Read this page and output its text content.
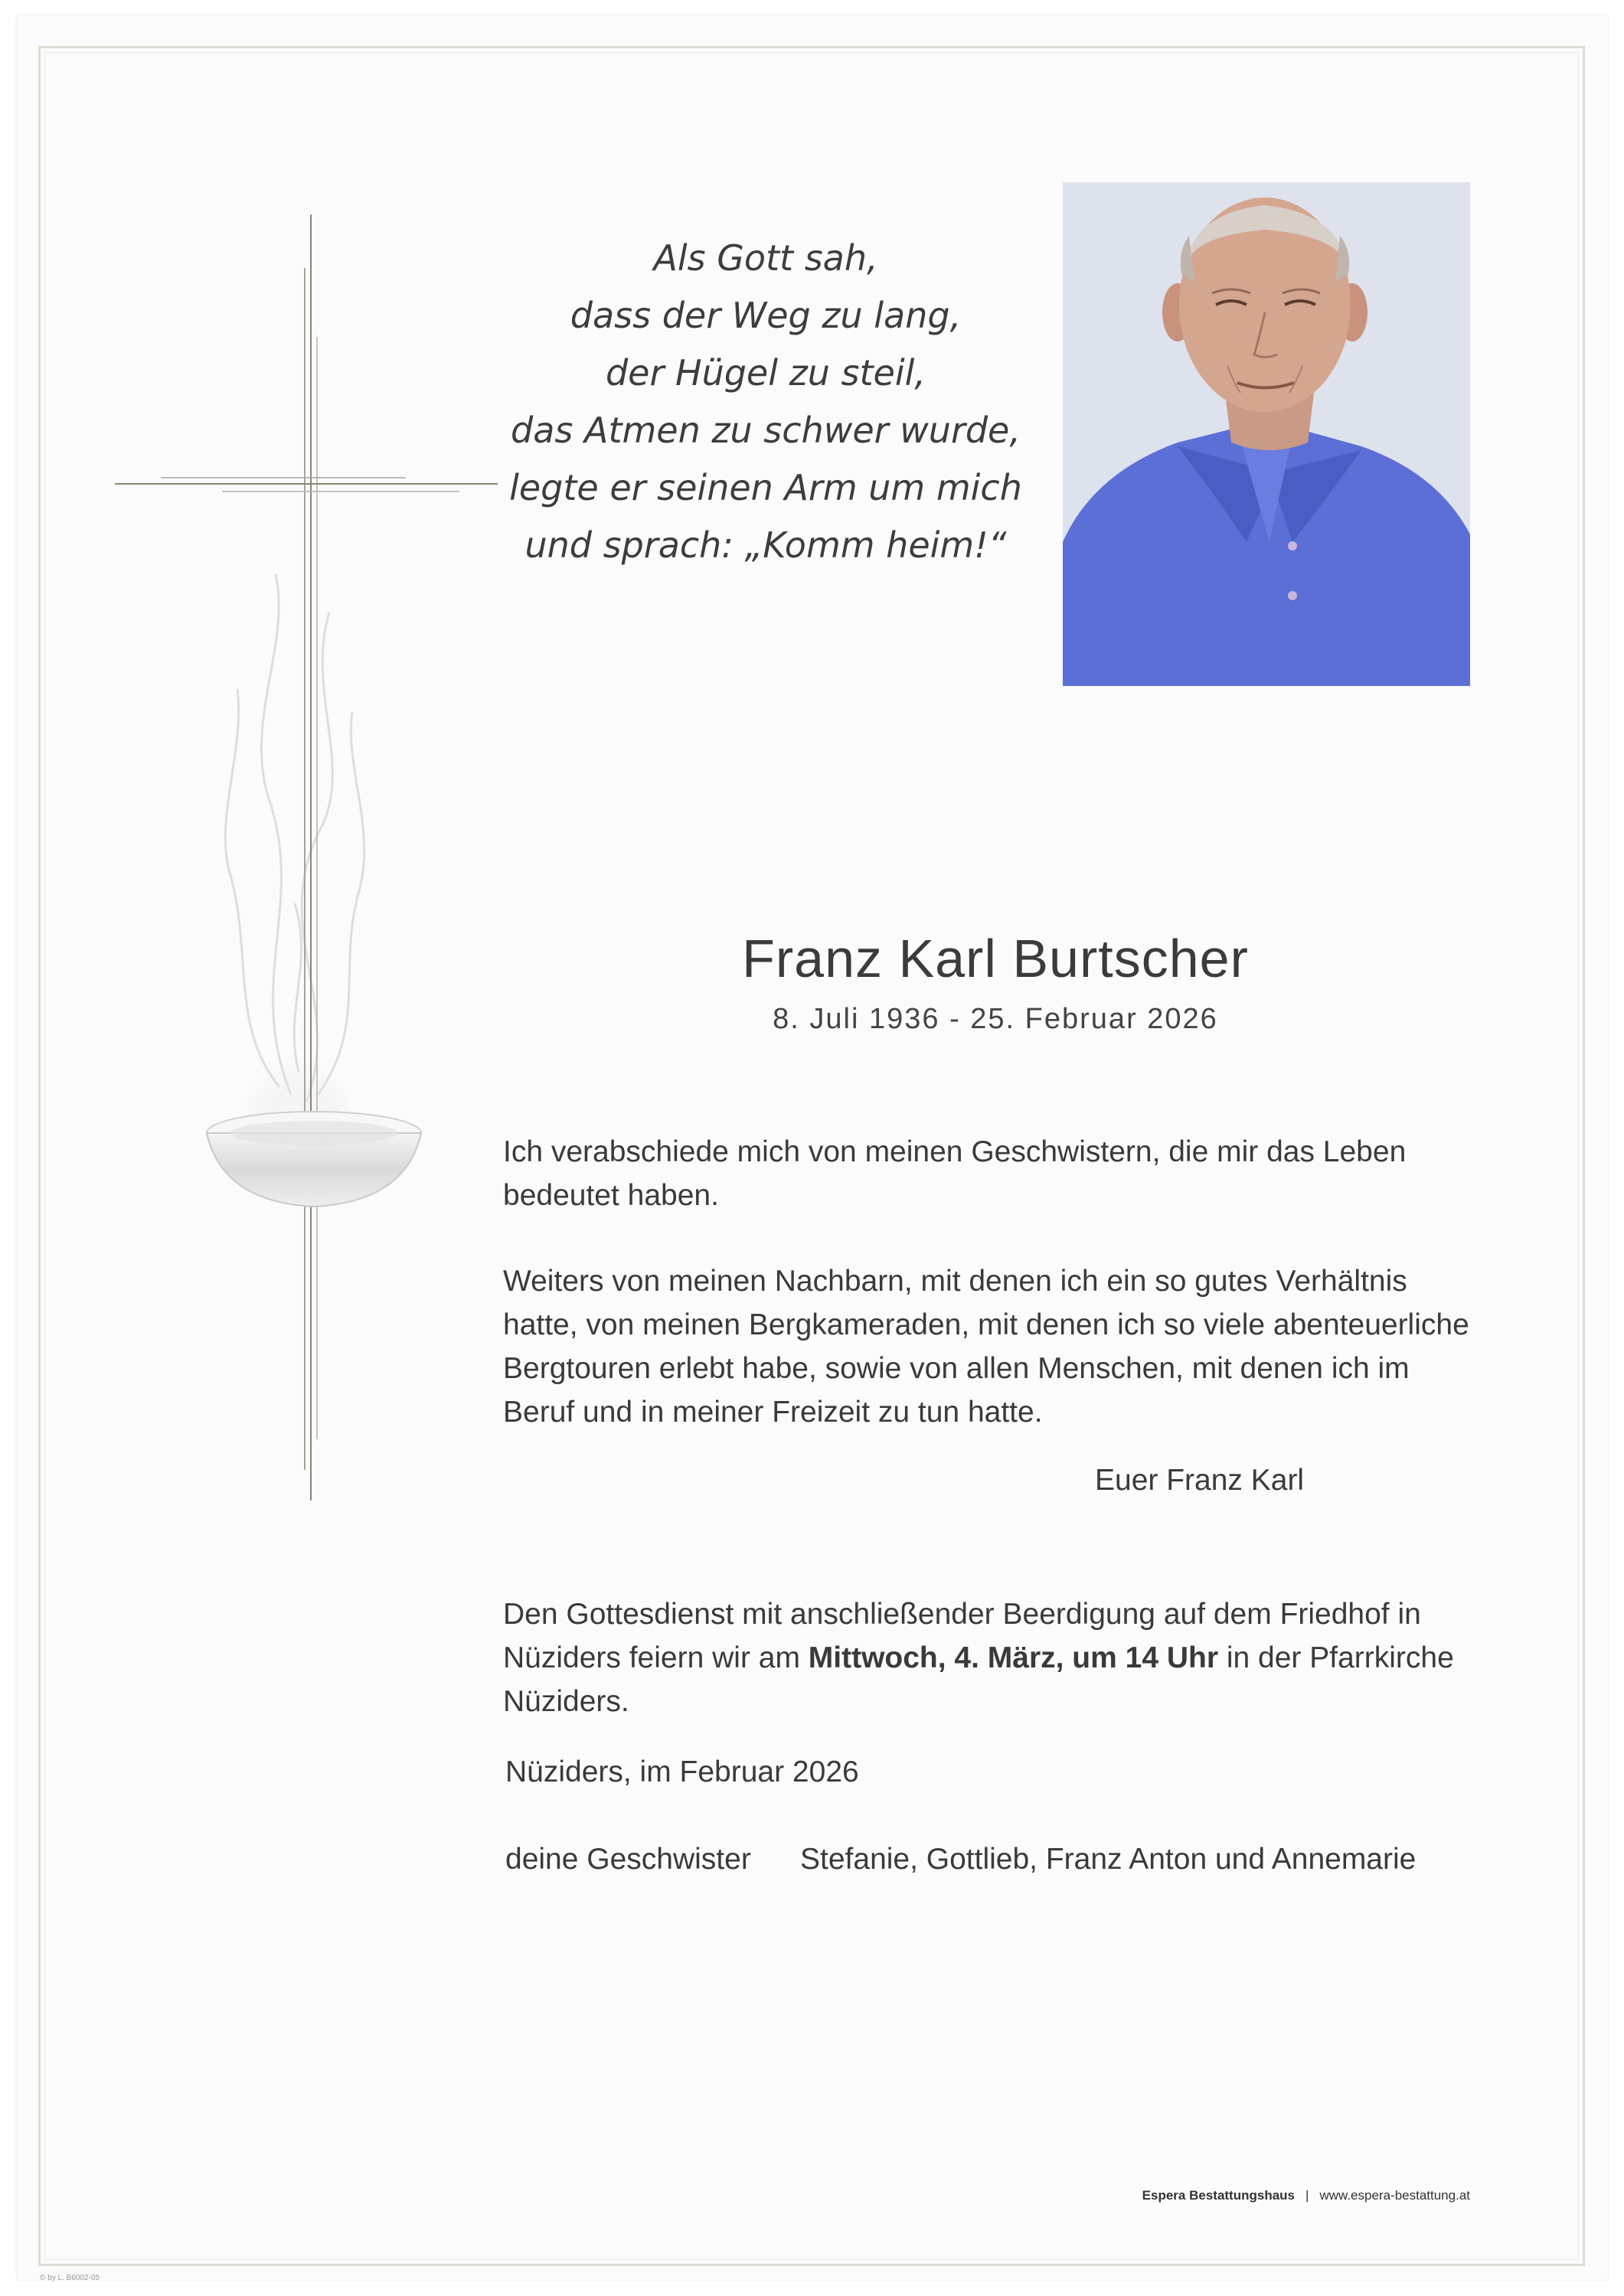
Als Gott sah,
dass der Weg zu lang,
der Hügel zu steil,
das Atmen zu schwer wurde,
legte er seinen Arm um mich
und sprach: „Komm heim!“
Franz Karl Burtscher
8. Juli 1936 - 25. Februar 2026

Ich verabschiede mich von meinen Geschwistern, die mir das Leben bedeutet haben.

Weiters von meinen Nachbarn, mit denen ich ein so gutes Verhältnis hatte, von meinen Bergkameraden, mit denen ich so viele abenteuerliche Bergtouren erlebt habe, sowie von allen Menschen, mit denen ich im Beruf und in meiner Freizeit zu tun hatte.

Euer Franz Karl

Den Gottesdienst mit anschließender Beerdigung auf dem Friedhof in Nüziders feiern wir am Mittwoch, 4. März, um 14 Uhr in der Pfarrkirche Nüziders.

Nüziders, im Februar 2026
deine Geschwister Stefanie, Gottlieb, Franz Anton und Annemarie
Espera Bestattungshaus | www.espera-bestattung.at
© by L. B6002-05
